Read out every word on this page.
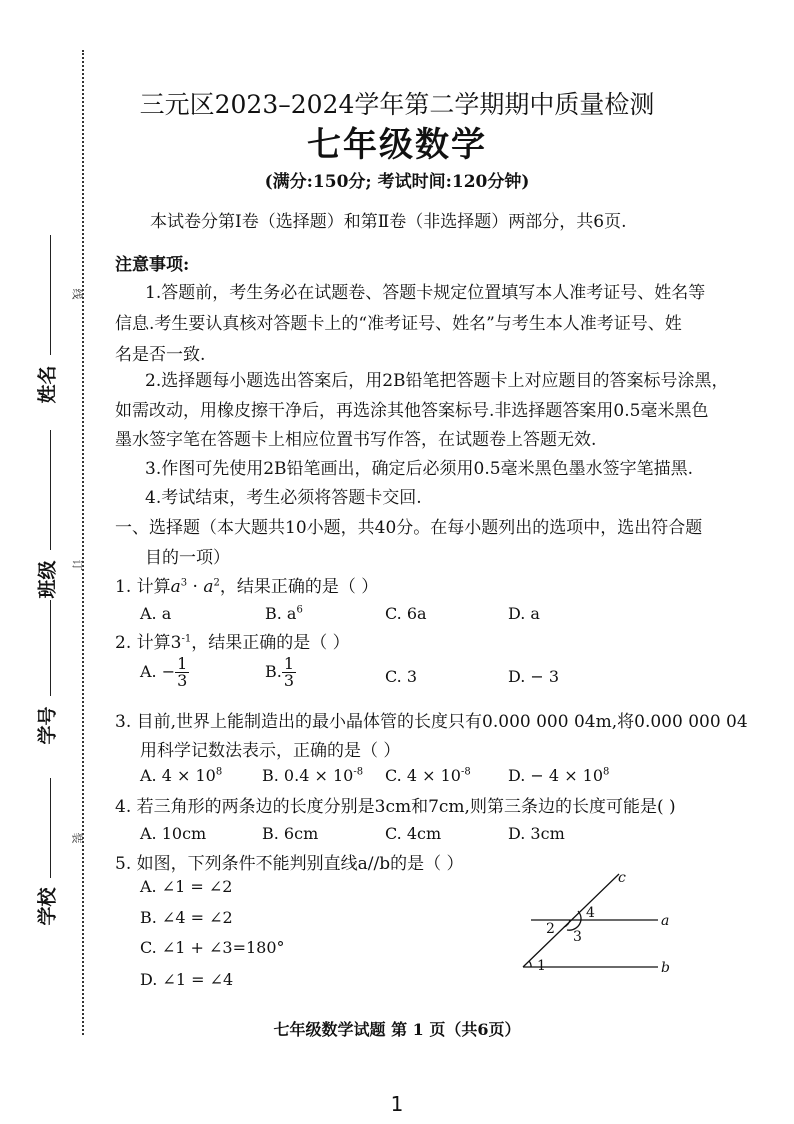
线
订
装
姓名
班级
学号
学校
三元区2023–2024学年第二学期期中质量检测
七年级数学
(满分:150分; 考试时间:120分钟)
本试卷分第Ⅰ卷（选择题）和第Ⅱ卷（非选择题）两部分，共6页.
注意事项:
1.答题前，考生务必在试题卷、答题卡规定位置填写本人准考证号、姓名等
信息.考生要认真核对答题卡上的“准考证号、姓名”与考生本人准考证号、姓
名是否一致.
2.选择题每小题选出答案后，用2B铅笔把答题卡上对应题目的答案标号涂黑，
如需改动，用橡皮擦干净后，再选涂其他答案标号.非选择题答案用0.5毫米黑色
墨水签字笔在答题卡上相应位置书写作答，在试题卷上答题无效.
3.作图可先使用2B铅笔画出，确定后必须用0.5毫米黑色墨水签字笔描黑.
4.考试结束，考生必须将答题卡交回.
一、选择题（本大题共10小题，共40分。在每小题列出的选项中，选出符合题
目的一项）
1. 计算$a^3 \cdot a^2$，结果正确的是（ ）
A. a	B. $a^6$	C. 6a	D. a
2. 计算$3^{-1}$，结果正确的是（ ）
A. − $\frac{1}{3}$	B. $\frac{1}{3}$	C. 3	D. − 3
3. 目前,世界上能制造出的最小晶体管的长度只有0.000 000 04m,将0.000 000 04
用科学记数法表示，正确的是（ ）
A. $4 \times 10^8$ B. $0.4 \times 10^{-8}$ C. $4 \times 10^{-8}$ D. − $4 \times 10^8$
4. 若三角形的两条边的长度分别是3cm和7cm,则第三条边的长度可能是( )
A. 10cm	B. 6cm	C. 4cm	D. 3cm
5. 如图，下列条件不能判别直线a//b的是（ ）
A. ∠1 = ∠2
B. ∠4 = ∠2
C. ∠1 + ∠3=180°
D. ∠1 = ∠4
c
a
b
1
2 3
4
七年级数学试题 第 1 页（共6页）
1
